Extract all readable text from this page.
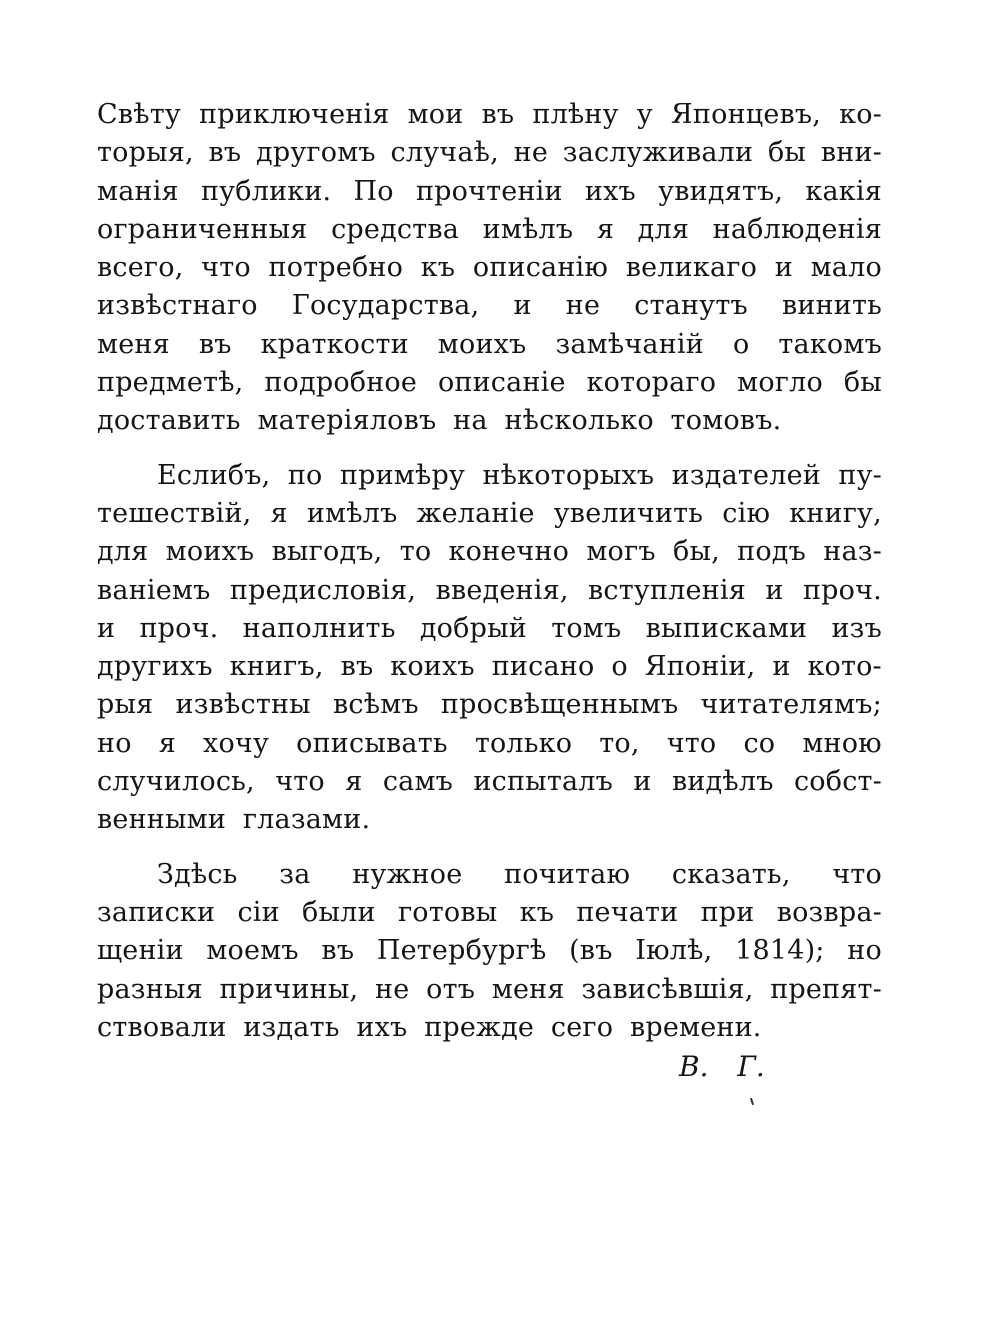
Свѣту приключенія мои въ плѣну у Японцевъ, ко-
торыя, въ другомъ случаѣ, не заслуживали бы вни-
манія публики. По прочтеніи ихъ увидятъ, какія
ограниченныя средства имѣлъ я для наблюденія
всего, что потребно къ описанію великаго и мало
извѣстнаго Государства, и не станутъ винить
меня въ краткости моихъ замѣчаній о такомъ
предметѣ, подробное описаніе котораго могло бы
доставить матеріяловъ на нѣсколько томовъ.
Еслибъ, по примѣру нѣкоторыхъ издателей пу-
тешествій, я имѣлъ желаніе увеличить сію книгу,
для моихъ выгодъ, то конечно могъ бы, подъ наз-
ваніемъ предисловія, введенія, вступленія и проч.
и проч. наполнить добрый томъ выписками изъ
другихъ книгъ, въ коихъ писано о Японіи, и кото-
рыя извѣстны всѣмъ просвѣщеннымъ читателямъ;
но я хочу описывать только то, что со мною
случилось, что я самъ испыталъ и видѣлъ собст-
венными глазами.
Здѣсь за нужное почитаю сказать, что
записки сіи были готовы къ печати при возвра-
щеніи моемъ въ Петербургѣ (въ Іюлѣ, 1814); но
разныя причины, не отъ меня зависѣвшія, препят-
ствовали издать ихъ прежде сего времени.
В. Г.
